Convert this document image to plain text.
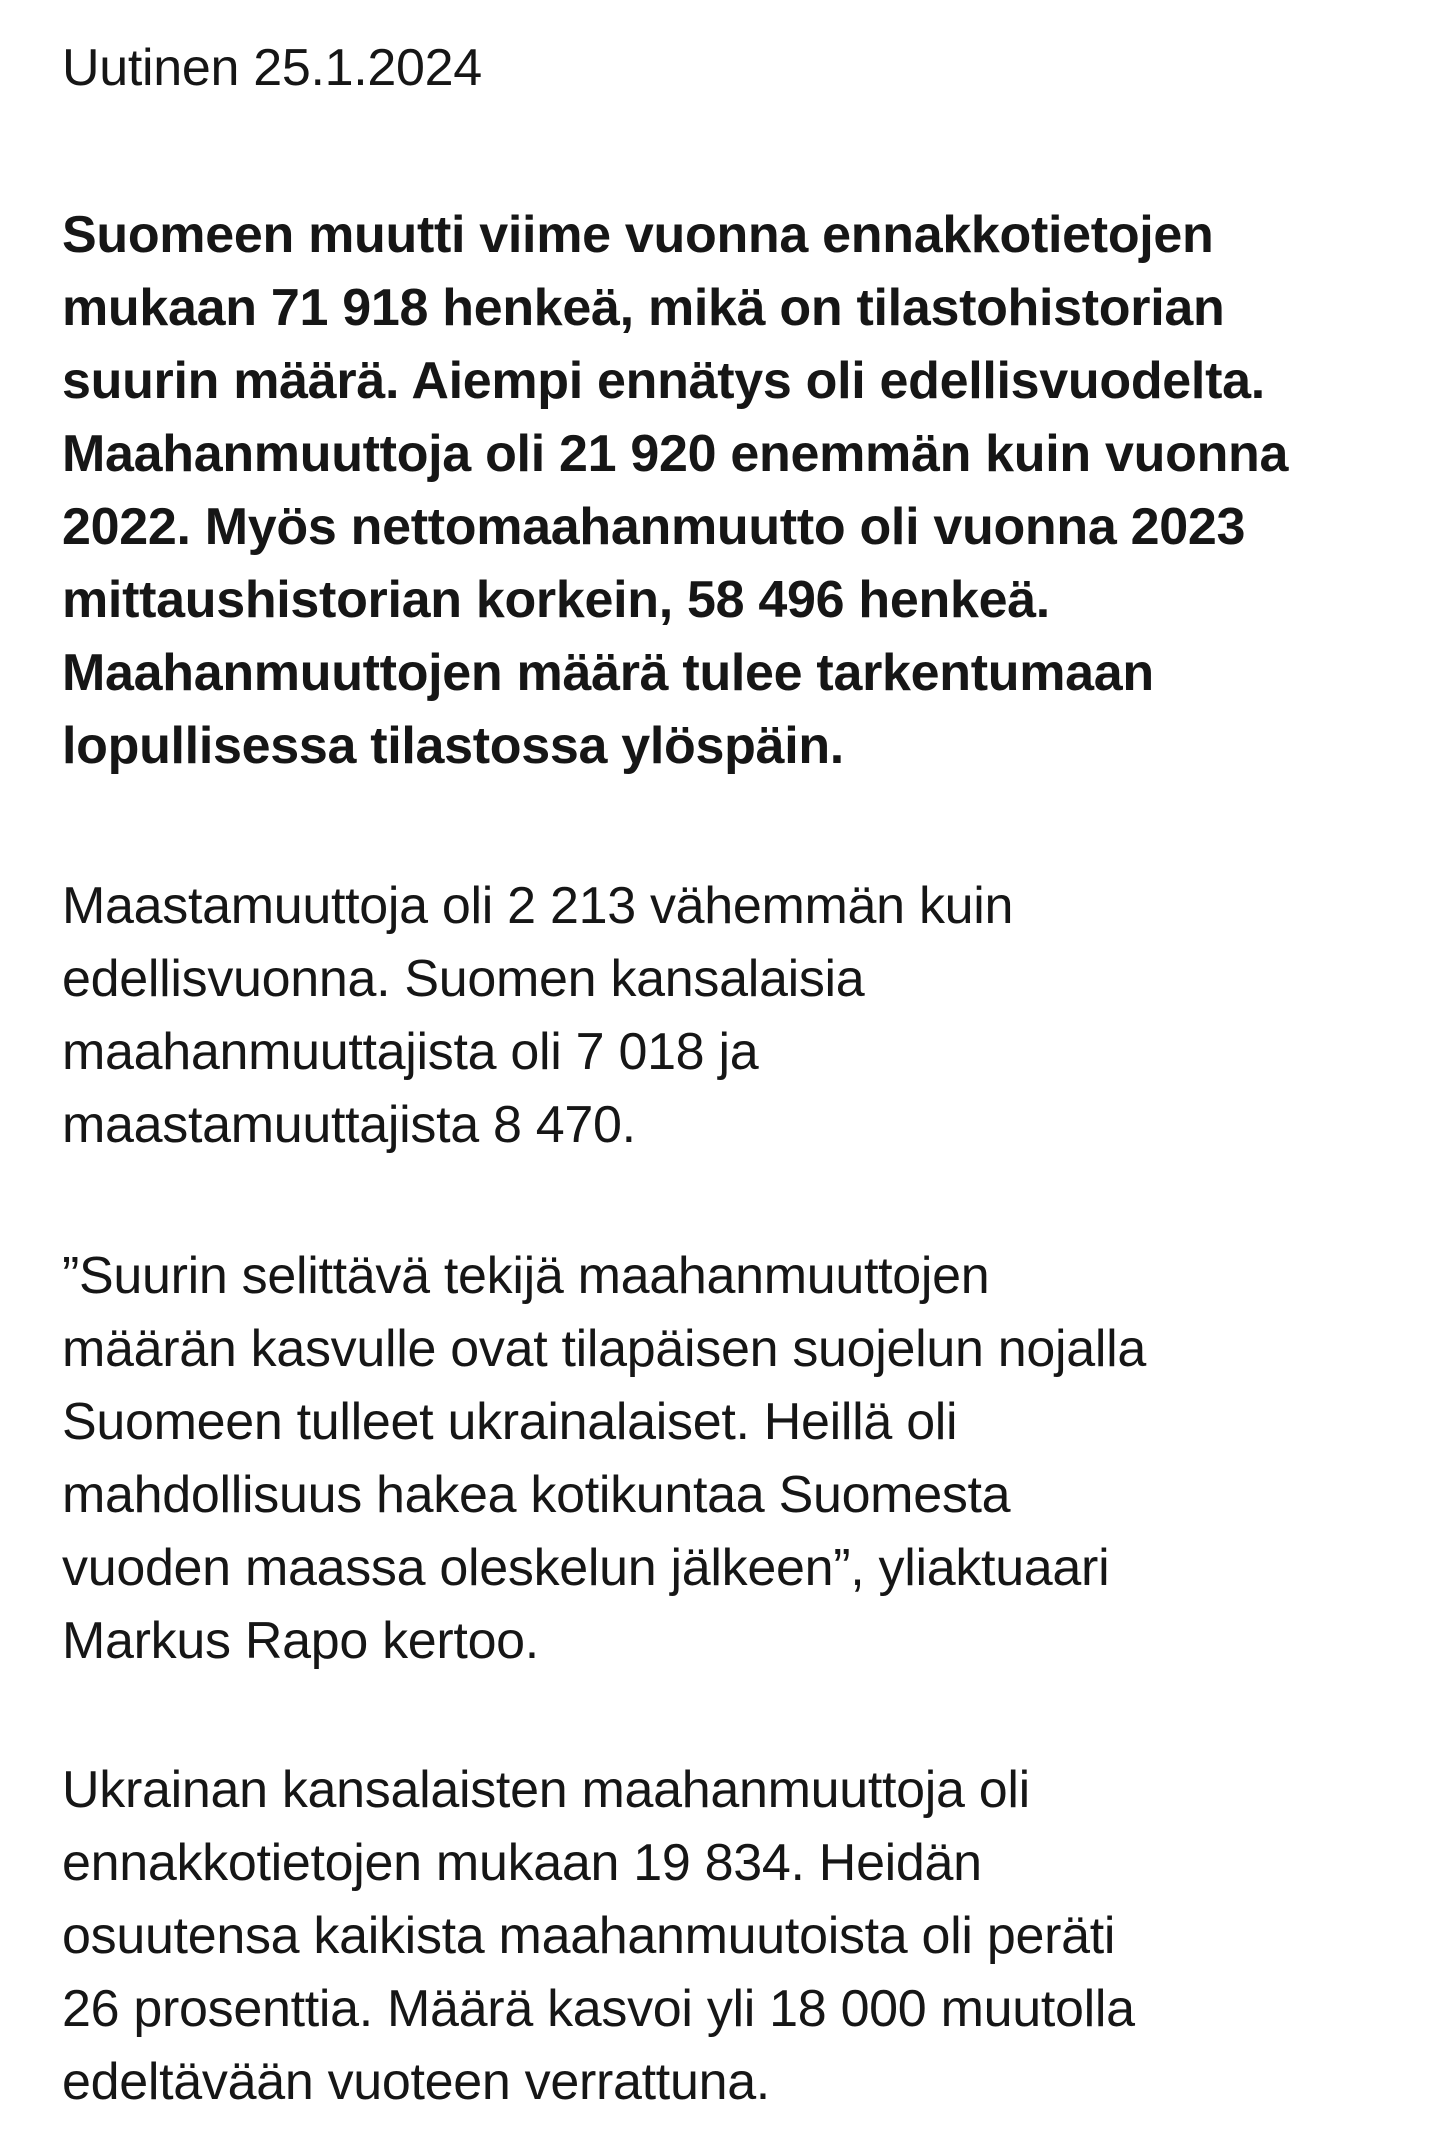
Uutinen 25.1.2024

Suomeen muutti viime vuonna ennakkotietojen
mukaan 71 918 henkeä, mikä on tilastohistorian
suurin määrä. Aiempi ennätys oli edellisvuodelta.
Maahanmuuttoja oli 21 920 enemmän kuin vuonna
2022. Myös nettomaahanmuutto oli vuonna 2023
mittaushistorian korkein, 58 496 henkeä.
Maahanmuuttojen määrä tulee tarkentumaan
lopullisessa tilastossa ylöspäin.

Maastamuuttoja oli 2 213 vähemmän kuin
edellisvuonna. Suomen kansalaisia
maahanmuuttajista oli 7 018 ja
maastamuuttajista 8 470.

”Suurin selittävä tekijä maahanmuuttojen
määrän kasvulle ovat tilapäisen suojelun nojalla
Suomeen tulleet ukrainalaiset. Heillä oli
mahdollisuus hakea kotikuntaa Suomesta
vuoden maassa oleskelun jälkeen”, yliaktuaari
Markus Rapo kertoo.

Ukrainan kansalaisten maahanmuuttoja oli
ennakkotietojen mukaan 19 834. Heidän
osuutensa kaikista maahanmuutoista oli peräti
26 prosenttia. Määrä kasvoi yli 18 000 muutolla
edeltävään vuoteen verrattuna.
